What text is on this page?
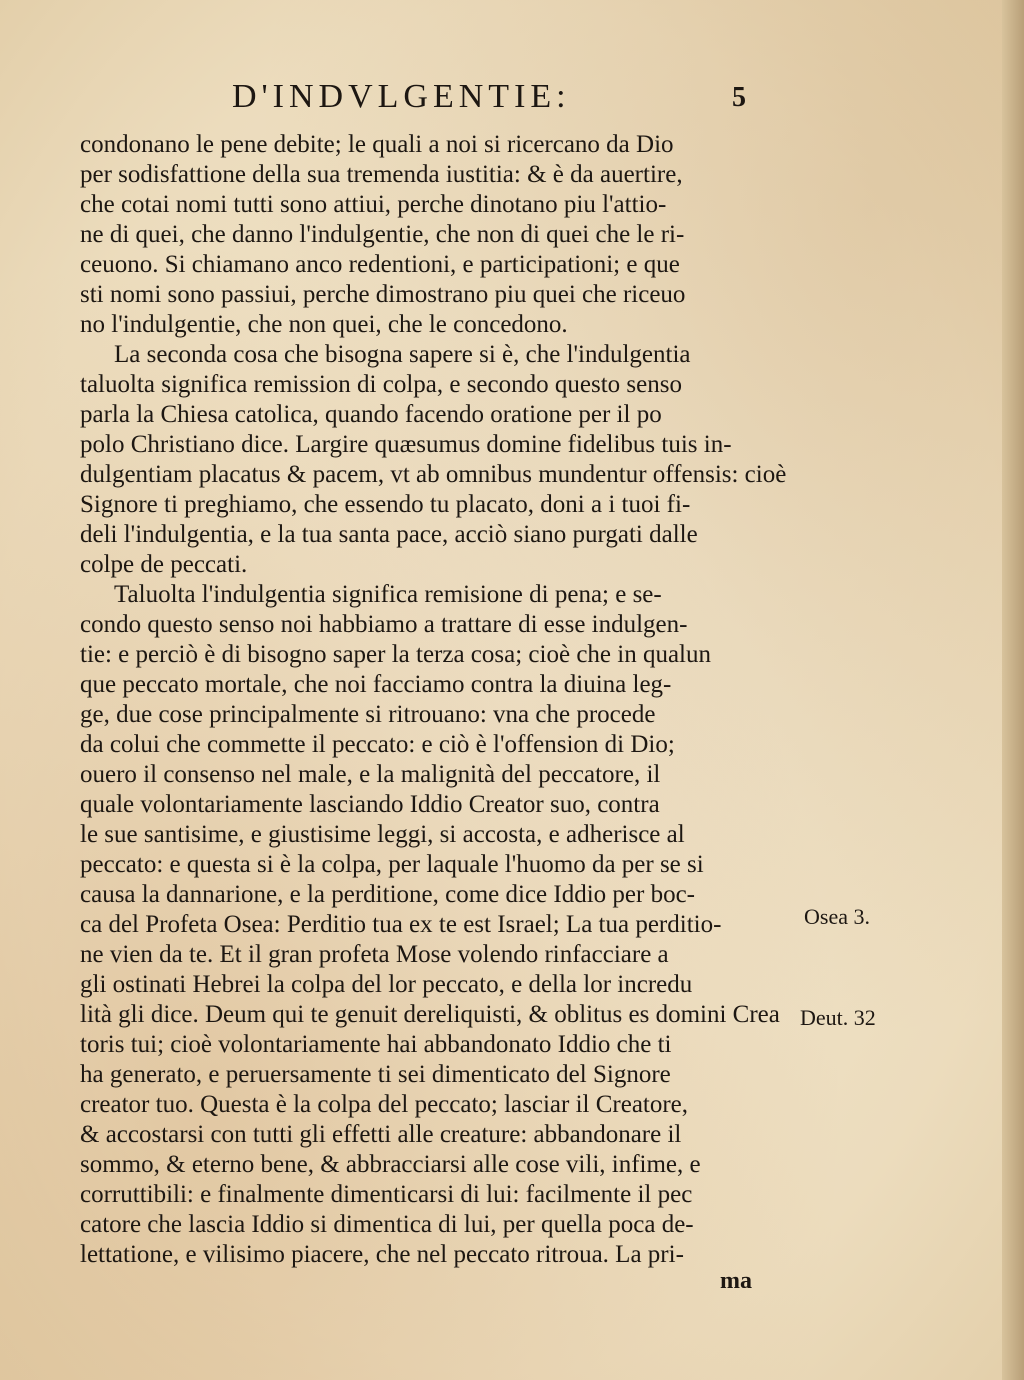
D'INDVLGENTIE:	5
condonano le pene debite; le quali a noi si ricercano da Dio
per sodisfattione della sua tremenda iustitia: & è da auertire,
che cotai nomi tutti sono attiui, perche dinotano piu l'attio-
ne di quei, che danno l'indulgentie, che non di quei che le ri-
ceuono. Si chiamano anco redentioni, e participationi; e que
sti nomi sono passiui, perche dimostrano piu quei che riceuo
no l'indulgentie, che non quei, che le concedono.
La seconda cosa che bisogna sapere si è, che l'indulgentia
taluolta significa remission di colpa, e secondo questo senso
parla la Chiesa catolica, quando facendo oratione per il po
polo Christiano dice. Largire quæsumus domine fidelibus tuis in-
dulgentiam placatus & pacem, vt ab omnibus mundentur offensis: cioè
Signore ti preghiamo, che essendo tu placato, doni a i tuoi fi-
deli l'indulgentia, e la tua santa pace, acciò siano purgati dalle
colpe de peccati.
Taluolta l'indulgentia significa remisione di pena; e se-
condo questo senso noi habbiamo a trattare di esse indulgen-
tie: e perciò è di bisogno saper la terza cosa; cioè che in qualun
que peccato mortale, che noi facciamo contra la diuina leg-
ge, due cose principalmente si ritrouano: vna che procede
da colui che commette il peccato: e ciò è l'offension di Dio;
ouero il consenso nel male, e la malignità del peccatore, il
quale volontariamente lasciando Iddio Creator suo, contra
le sue santisime, e giustisime leggi, si accosta, e adherisce al
peccato: e questa si è la colpa, per laquale l'huomo da per se si
causa la dannarione, e la perditione, come dice Iddio per boc-
ca del Profeta Osea: Perditio tua ex te est Israel; La tua perditio-
ne vien da te. Et il gran profeta Mose volendo rinfacciare a
gli ostinati Hebrei la colpa del lor peccato, e della lor incredu
lità gli dice. Deum qui te genuit dereliquisti, & oblitus es domini Crea
toris tui; cioè volontariamente hai abbandonato Iddio che ti
ha generato, e peruersamente ti sei dimenticato del Signore
creator tuo. Questa è la colpa del peccato; lasciar il Creatore,
& accostarsi con tutti gli effetti alle creature: abbandonare il
sommo, & eterno bene, & abbracciarsi alle cose vili, infime, e
corruttibili: e finalmente dimenticarsi di lui: facilmente il pec
catore che lascia Iddio si dimentica di lui, per quella poca de-
lettatione, e vilisimo piacere, che nel peccato ritroua. La pri-
ma
Osea 3.
Deut. 32
